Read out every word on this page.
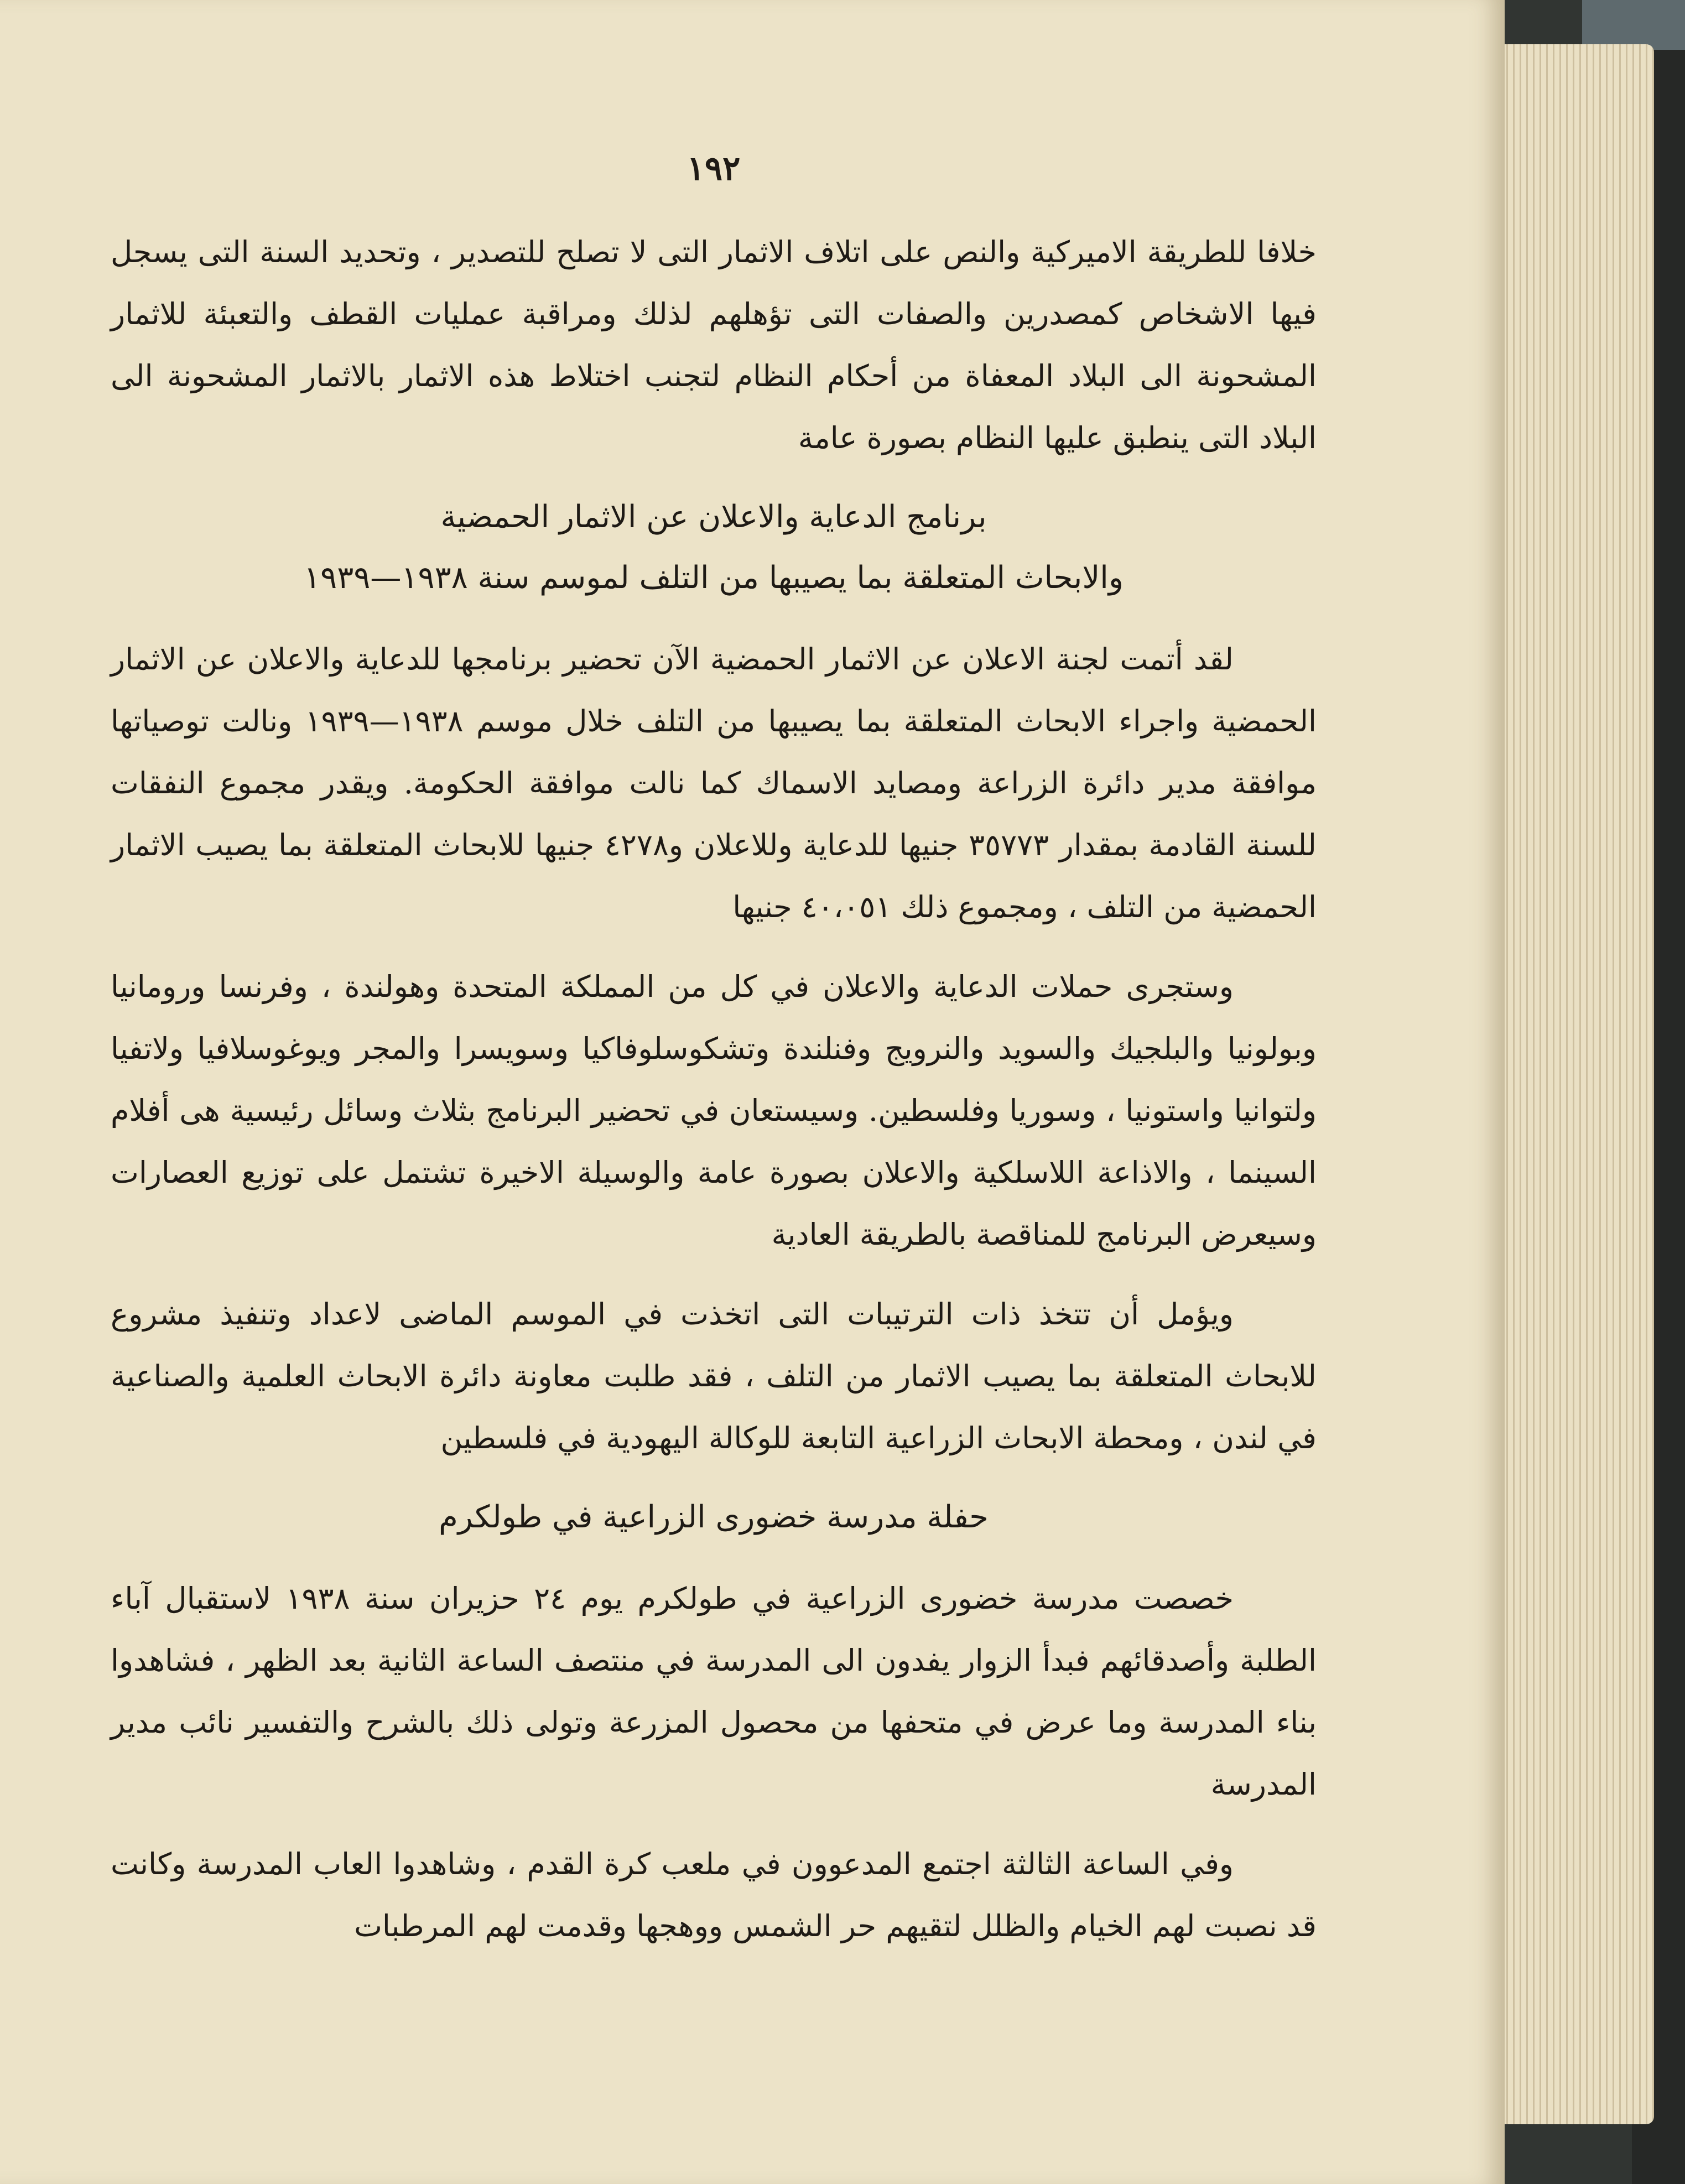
١٩٢

خلافا للطريقة الاميركية والنص على اتلاف الاثمار التى لا تصلح للتصدير ، وتحديد السنة التى يسجل فيها الاشخاص كمصدرين والصفات التى تؤهلهم لذلك ومراقبة عمليات القطف والتعبئة للاثمار المشحونة الى البلاد المعفاة من أحكام النظام لتجنب اختلاط هذه الاثمار بالاثمار المشحونة الى البلاد التى ينطبق عليها النظام بصورة عامة

برنامج الدعاية والاعلان عن الاثمار الحمضية
والابحاث المتعلقة بما يصيبها من التلف لموسم سنة ١٩٣٨—١٩٣٩

لقد أتمت لجنة الاعلان عن الاثمار الحمضية الآن تحضير برنامجها للدعاية والاعلان عن الاثمار الحمضية واجراء الابحاث المتعلقة بما يصيبها من التلف خلال موسم ١٩٣٨—١٩٣٩ ونالت توصياتها موافقة مدير دائرة الزراعة ومصايد الاسماك كما نالت موافقة الحكومة. ويقدر مجموع النفقات للسنة القادمة بمقدار ٣٥٧٧٣ جنيها للدعاية وللاعلان و٤٢٧٨ جنيها للابحاث المتعلقة بما يصيب الاثمار الحمضية من التلف ، ومجموع ذلك ٤٠،٠٥١ جنيها

وستجرى حملات الدعاية والاعلان في كل من المملكة المتحدة وهولندة ، وفرنسا ورومانيا وبولونيا والبلجيك والسويد والنرويج وفنلندة وتشكوسلوفاكيا وسويسرا والمجر ويوغوسلافيا ولاتفيا ولتوانيا واستونيا ، وسوريا وفلسطين. وسيستعان في تحضير البرنامج بثلاث وسائل رئيسية هى أفلام السينما ، والاذاعة اللاسلكية والاعلان بصورة عامة والوسيلة الاخيرة تشتمل على توزيع العصارات وسيعرض البرنامج للمناقصة بالطريقة العادية

ويؤمل أن تتخذ ذات الترتيبات التى اتخذت في الموسم الماضى لاعداد وتنفيذ مشروع للابحاث المتعلقة بما يصيب الاثمار من التلف ، فقد طلبت معاونة دائرة الابحاث العلمية والصناعية في لندن ، ومحطة الابحاث الزراعية التابعة للوكالة اليهودية في فلسطين

حفلة مدرسة خضورى الزراعية في طولكرم

خصصت مدرسة خضورى الزراعية في طولكرم يوم ٢٤ حزيران سنة ١٩٣٨ لاستقبال آباء الطلبة وأصدقائهم فبدأ الزوار يفدون الى المدرسة في منتصف الساعة الثانية بعد الظهر ، فشاهدوا بناء المدرسة وما عرض في متحفها من محصول المزرعة وتولى ذلك بالشرح والتفسير نائب مدير المدرسة

وفي الساعة الثالثة اجتمع المدعوون في ملعب كرة القدم ، وشاهدوا العاب المدرسة وكانت قد نصبت لهم الخيام والظلل لتقيهم حر الشمس ووهجها وقدمت لهم المرطبات
